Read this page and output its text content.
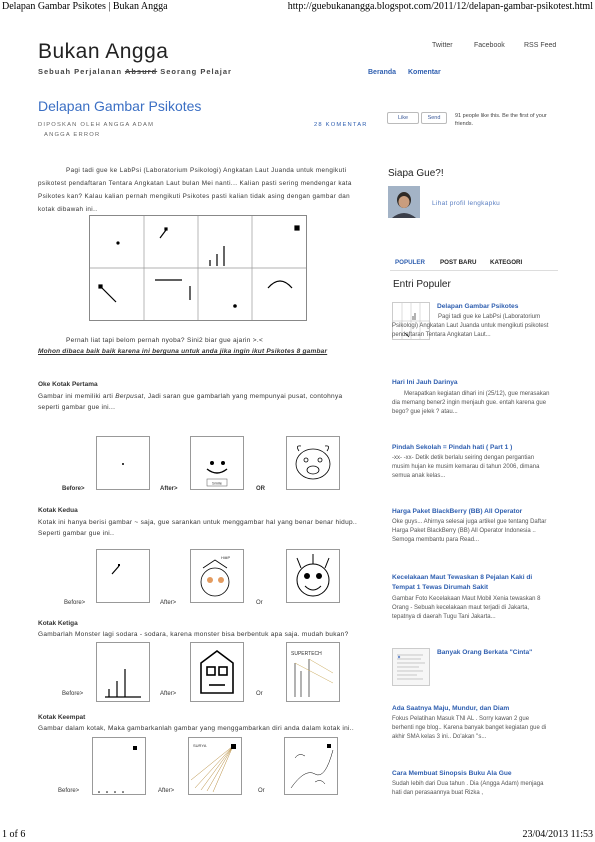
Delapan Gambar Psikotes | Bukan Angga	http://guebukanangga.blogspot.com/2011/12/delapan-gambar-psikotest.html
1 of 6	23/04/2013 11:53
Bukan Angga
Sebuah Perjalanan Absurd Seorang Pelajar
Twitter	Facebook	RSS Feed
Beranda Komentar
Delapan Gambar Psikotes
DIPOSKAN OLEH ANGGA ADAM
ANGGA ERROR
28 KOMENTAR
Like	Send	91 people like this. Be the first of your friends.
Pagi tadi gue ke LabPsi (Laboratorium Psikologi) Angkatan Laut Juanda untuk mengikuti psikotest pendaftaran Tentara Angkatan Laut bulan Mei nanti... Kalian pasti sering mendengar kata Psikotes kan? Kalau kalian pernah mengikuti Psikotes pasti kalian tidak asing dengan gambar dan kotak dibawah ini..
Pernah liat tapi belom pernah nyoba? Sini2 biar gue ajarin >.<
Mohon dibaca baik baik karena ini berguna untuk anda jika ingin ikut Psikotes 8 gambar
Oke Kotak Pertama
Gambar ini memiliki arti Berpusat, Jadi saran gue gambarlah yang mempunyai pusat, contohnya seperti gambar gue ini...
Smile
Before>	After>	OR
Kotak Kedua
Kotak ini hanya berisi gambar ~ saja, gue sarankan untuk menggambar hal yang benar benar hidup.. Seperti gambar gue ini..
HiiiiP
Before>	After>	Or
Kotak Ketiga
Gambarlah Monster lagi sodara - sodara, karena monster bisa berbentuk apa saja. mudah bukan?
SUPERTECH
Before>	After>	Or
Kotak Keempat
Gambar dalam kotak, Maka gambarkanlah gambar yang menggambarkan diri anda dalam kotak ini..
SURYA
Before>	After>	Or
Siapa Gue?!
Lihat profil lengkapku
POPULER POST BARU KATEGORI
Entri Populer
Delapan Gambar Psikotes
Pagi tadi gue ke LabPsi (Laboratorium Psikologi) Angkatan Laut Juanda untuk mengikuti psikotest pendaftaran Tentara Angkatan Laut...
Hari Ini Jauh Darinya
Merapatkan kegiatan dihari ini (25/12), gue merasakan dia memang bener2 ingin menjauh gue. entah karena gue bego? gue jelek ? atau...
Pindah Sekolah = Pindah hati ( Part 1 )
-xx- -xx- Detik detik berlalu seiring dengan pergantian musim hujan ke musim kemarau di tahun 2006, dimana semua anak kelas...
Harga Paket BlackBerry (BB) All Operator
Oke guys... Ahirnya selesai juga artikel gue tentang Daftar Harga Paket BlackBerry (BB) All Operator Indonesia .. Semoga membantu para Read...
Kecelakaan Maut Tewaskan 8 Pejalan Kaki di Tempat 1 Tewas Dirumah Sakit
Gambar Foto Kecelakaan Maut Mobil Xenia tewaskan 8 Orang - Sebuah kecelakaan maut terjadi di Jakarta, tepatnya di daerah Tugu Tani Jakarta...
Banyak Orang Berkata "Cinta"
Ada Saatnya Maju, Mundur, dan Diam
Fokus Pelatihan Masuk TNI AL . Sorry kawan 2 gue berhenti nge blog.. Karena banyak banget kegiatan gue di akhir SMA kelas 3 ini.. Do'akan "s...
Cara Membuat Sinopsis Buku Ala Gue
Sudah lebih dari Dua tahun . Dia (Angga Adam) menjaga hati dan perasaannya buat Rizka ,
